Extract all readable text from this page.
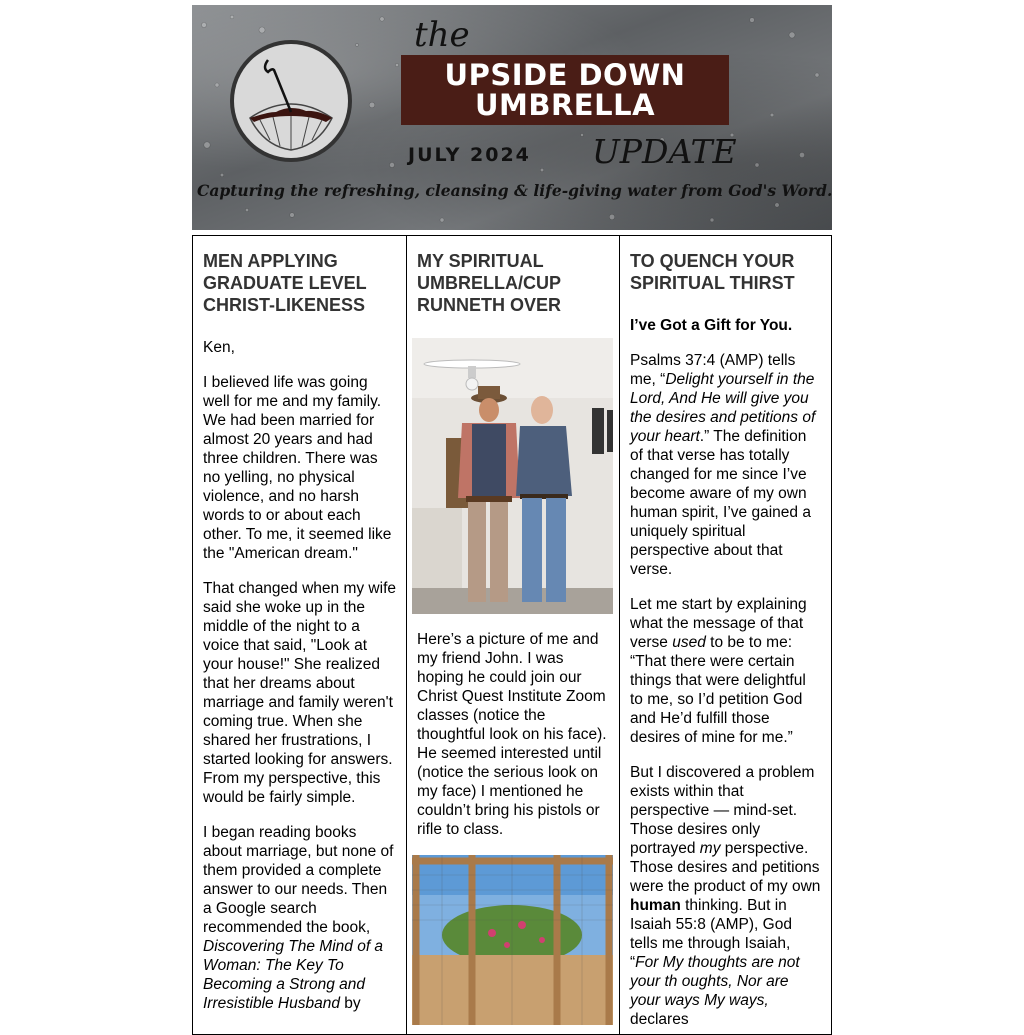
the
UPSIDE DOWN
UMBRELLA
JULY 2024 UPDATE
Capturing the refreshing, cleansing & life-giving water from God's Word.
MEN APPLYING GRADUATE LEVEL CHRIST-LIKENESS

Ken,

I believed life was going well for me and my family. We had been married for almost 20 years and had three children. There was no yelling, no physical violence, and no harsh words to or about each other. To me, it seemed like the "American dream."

That changed when my wife said she woke up in the middle of the night to a voice that said, "Look at your house!" She realized that her dreams about marriage and family weren't coming true. When she shared her frustrations, I started looking for answers. From my perspective, this would be fairly simple.

I began reading books about marriage, but none of them provided a complete answer to our needs. Then a Google search recommended the book, Discovering The Mind of a Woman: The Key To Becoming a Strong and Irresistible Husband by

MY SPIRITUAL UMBRELLA/CUP RUNNETH OVER

Here’s a picture of me and my friend John. I was hoping he could join our Christ Quest Institute Zoom classes (notice the thoughtful look on his face). He seemed interested until (notice the serious look on my face) I mentioned he couldn’t bring his pistols or rifle to class.

TO QUENCH YOUR SPIRITUAL THIRST

I’ve Got a Gift for You.

Psalms 37:4 (AMP) tells me, “Delight yourself in the Lord, And He will give you the desires and petitions of your heart.” The definition of that verse has totally changed for me since I’ve become aware of my own human spirit, I’ve gained a uniquely spiritual perspective about that verse.

Let me start by explaining what the message of that verse used to be to me: “That there were certain things that were delightful to me, so I’d petition God and He’d fulfill those desires of mine for me.”

But I discovered a problem exists within that perspective — mind-set. Those desires only portrayed my perspective. Those desires and petitions were the product of my own human thinking. But in Isaiah 55:8 (AMP), God tells me through Isaiah, “For My thoughts are not your th oughts, Nor are your ways My ways, declares
